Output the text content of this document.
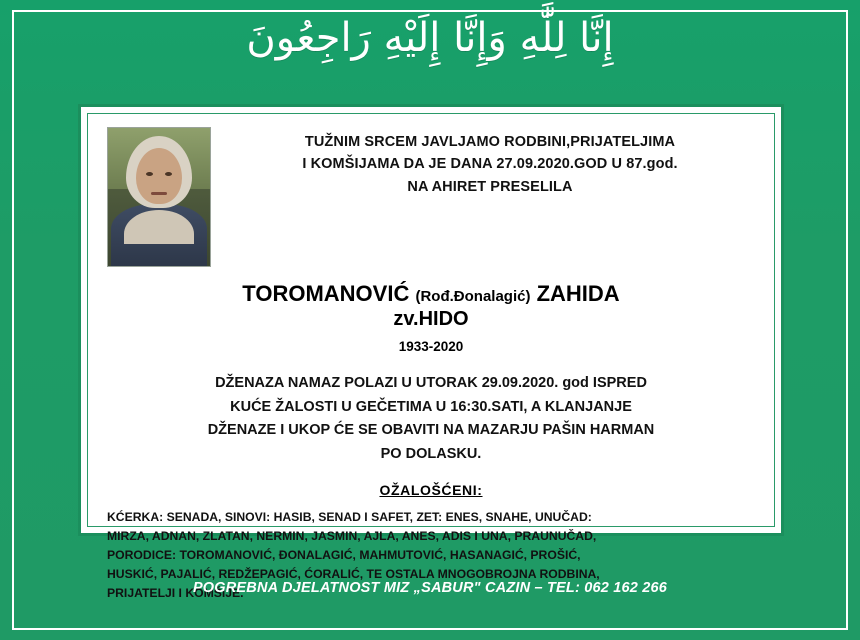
إِنَّا لِلَّٰهِ وَإِنَّا إِلَيْهِ رَاجِعُونَ
TUŽNIM SRCEM JAVLJAMO RODBINI,PRIJATELJIMA
I KOMŠIJAMA DA JE DANA 27.09.2020.GOD U 87.god.
NA AHIRET PRESELILA
TOROMANOVIĆ (Rođ.Đonalagić) ZAHIDA
zv.HIDO
1933-2020
DŽENAZA NAMAZ POLAZI U UTORAK 29.09.2020. god ISPRED
KUĆE ŽALOSTI U GEČETIMA U 16:30.SATI, A KLANJANJE
DŽENAZE I UKOP ĆE SE OBAVITI NA MAZARJU PAŠIN HARMAN
PO DOLASKU.
OŽALOŠĆENI:
KĆERKA: SENADA, SINOVI: HASIB, SENAD I SAFET, ZET: ENES, SNAHE, UNUČAD:
MIRZA, ADNAN, ZLATAN, NERMIN, JASMIN, AJLA, ANES, ADIS I UNA, PRAUNUČAD,
PORODICE: TOROMANOVIĆ, ĐONALAGIĆ, MAHMUTOVIĆ, HASANAGIĆ, PROŠIĆ,
HUSKIĆ, PAJALIĆ, REDŽEPAGIĆ, ĆORALIĆ, TE OSTALA MNOGOBROJNA RODBINA,
PRIJATELJI I KOMŠIJE.
POGREBNA DJELATNOST MIZ „SABUR" CAZIN – TEL: 062 162 266
